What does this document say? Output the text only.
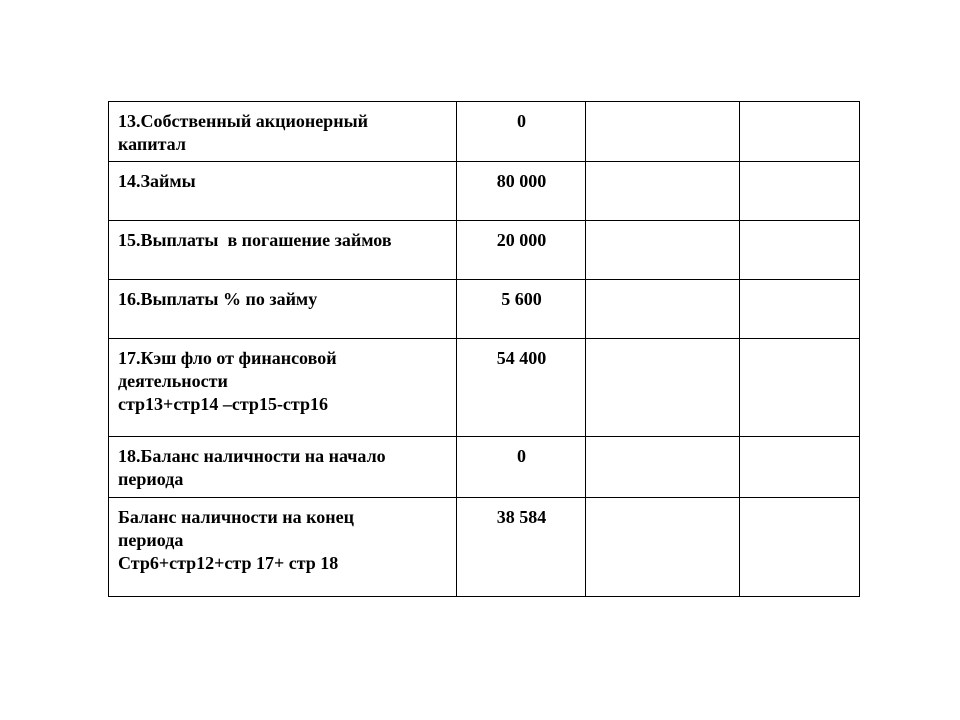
13.Собственный акционерный
капитал	0		

14.Займы	80 000		

15.Выплаты  в погашение займов	20 000		

16.Выплаты % по займу	5 600		

17.Кэш фло от финансовой
деятельности
стр13+стр14 –стр15-стр16	54 400		

18.Баланс наличности на начало
периода	0		

Баланс наличности на конец
периода
Стр6+стр12+стр 17+ стр 18	38 584		
